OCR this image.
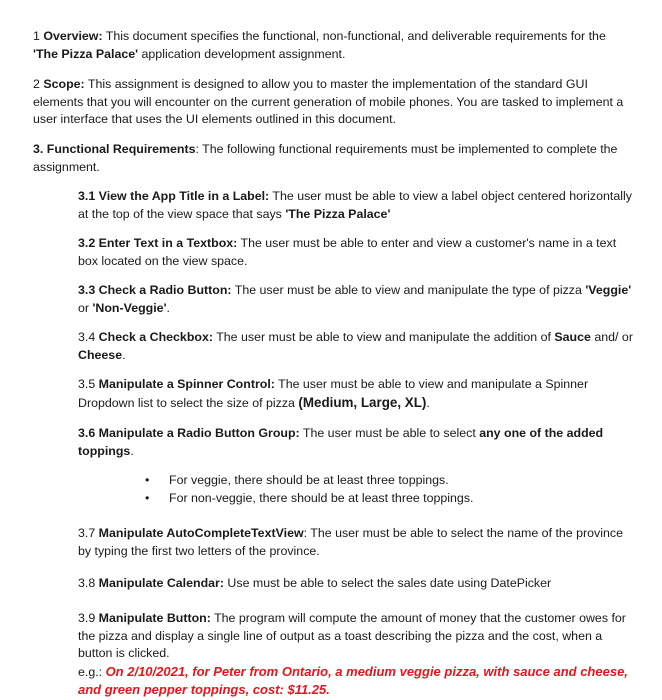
1 Overview: This document specifies the functional, non-functional, and deliverable requirements for the 'The Pizza Palace' application development assignment.

2 Scope: This assignment is designed to allow you to master the implementation of the standard GUI elements that you will encounter on the current generation of mobile phones. You are tasked to implement a user interface that uses the UI elements outlined in this document.

3. Functional Requirements: The following functional requirements must be implemented to complete the assignment.

3.1 View the App Title in a Label: The user must be able to view a label object centered horizontally at the top of the view space that says 'The Pizza Palace'

3.2 Enter Text in a Textbox: The user must be able to enter and view a customer's name in a text box located on the view space.

3.3 Check a Radio Button: The user must be able to view and manipulate the type of pizza 'Veggie' or 'Non-Veggie'.

3.4 Check a Checkbox: The user must be able to view and manipulate the addition of Sauce and/ or Cheese.

3.5 Manipulate a Spinner Control: The user must be able to view and manipulate a Spinner Dropdown list to select the size of pizza (Medium, Large, XL).

3.6 Manipulate a Radio Button Group: The user must be able to select any one of the added toppings.

• For veggie, there should be at least three toppings.
• For non-veggie, there should be at least three toppings.

3.7 Manipulate AutoCompleteTextView: The user must be able to select the name of the province by typing the first two letters of the province.

3.8 Manipulate Calendar: Use must be able to select the sales date using DatePicker

3.9 Manipulate Button: The program will compute the amount of money that the customer owes for the pizza and display a single line of output as a toast describing the pizza and the cost, when a button is clicked.
e.g.: On 2/10/2021, for Peter from Ontario, a medium veggie pizza, with sauce and cheese, and green pepper toppings, cost: $11.25.
